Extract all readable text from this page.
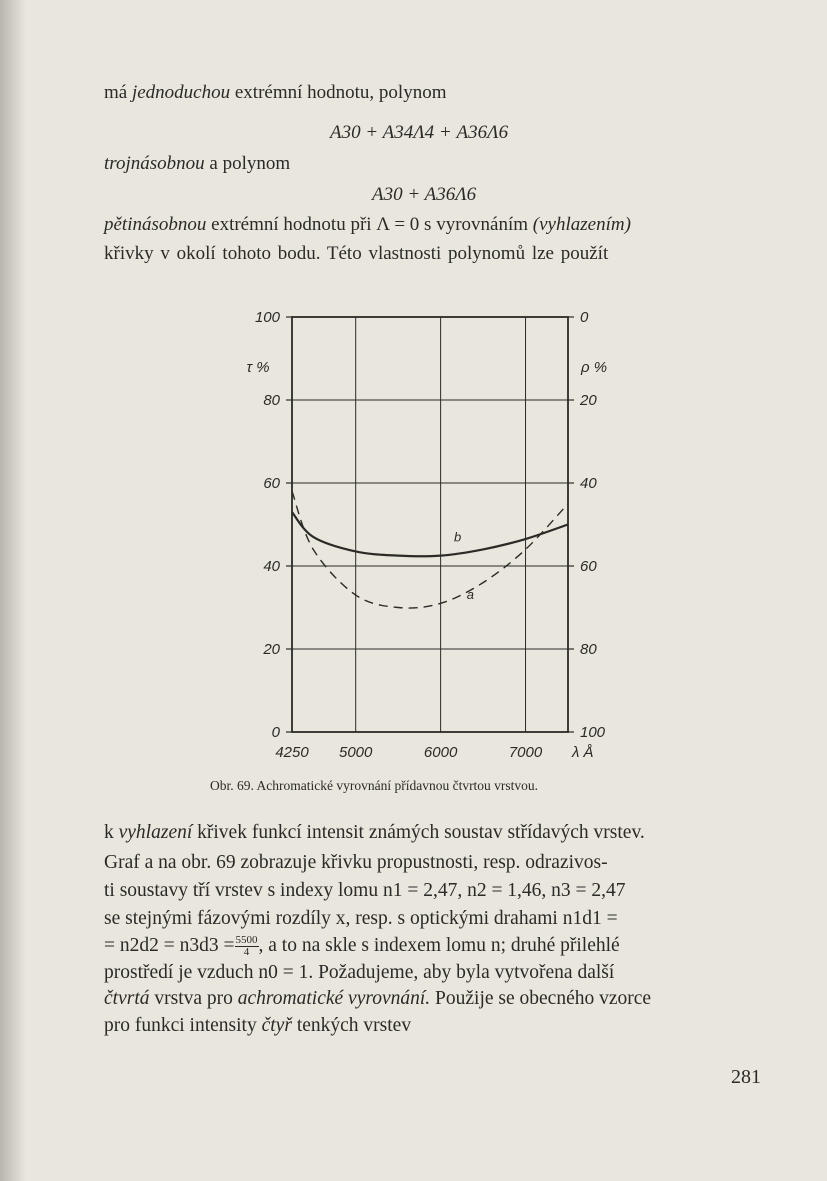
má jednoduchou extrémní hodnotu, polynom
A30 + A34Λ4 + A36Λ6
trojnásobnou a polynom
A30 + A36Λ6
pětinásobnou extrémní hodnotu při Λ = 0 s vyrovnáním (vyhlazením)
křivky v okolí tohoto bodu. Této vlastnosti polynomů lze použít
0	100
20	80
40	60
60	40
80	20
100	0
4250 5000	6000	7000 λ Å
τ %	ρ %
b
a
Obr. 69. Achromatické vyrovnání přídavnou čtvrtou vrstvou.
k vyhlazení křivek funkcí intensit známých soustav střídavých vrstev.
Graf a na obr. 69 zobrazuje křivku propustnosti, resp. odrazivos-
ti soustavy tří vrstev s indexy lomu n1 = 2,47, n2 = 1,46, n3 = 2,47
se stejnými fázovými rozdíly x, resp. s optickými drahami n1d1 =
= $n2d2 = n3d3 = \frac{5500}{4}$ , a to na skle s indexem lomu n; druhé přilehlé
prostředí je vzduch n0 = 1. Požadujeme, aby byla vytvořena další
čtvrtá vrstva pro achromatické vyrovnání. Použije se obecného vzorce
pro funkci intensity čtyř tenkých vrstev
281
